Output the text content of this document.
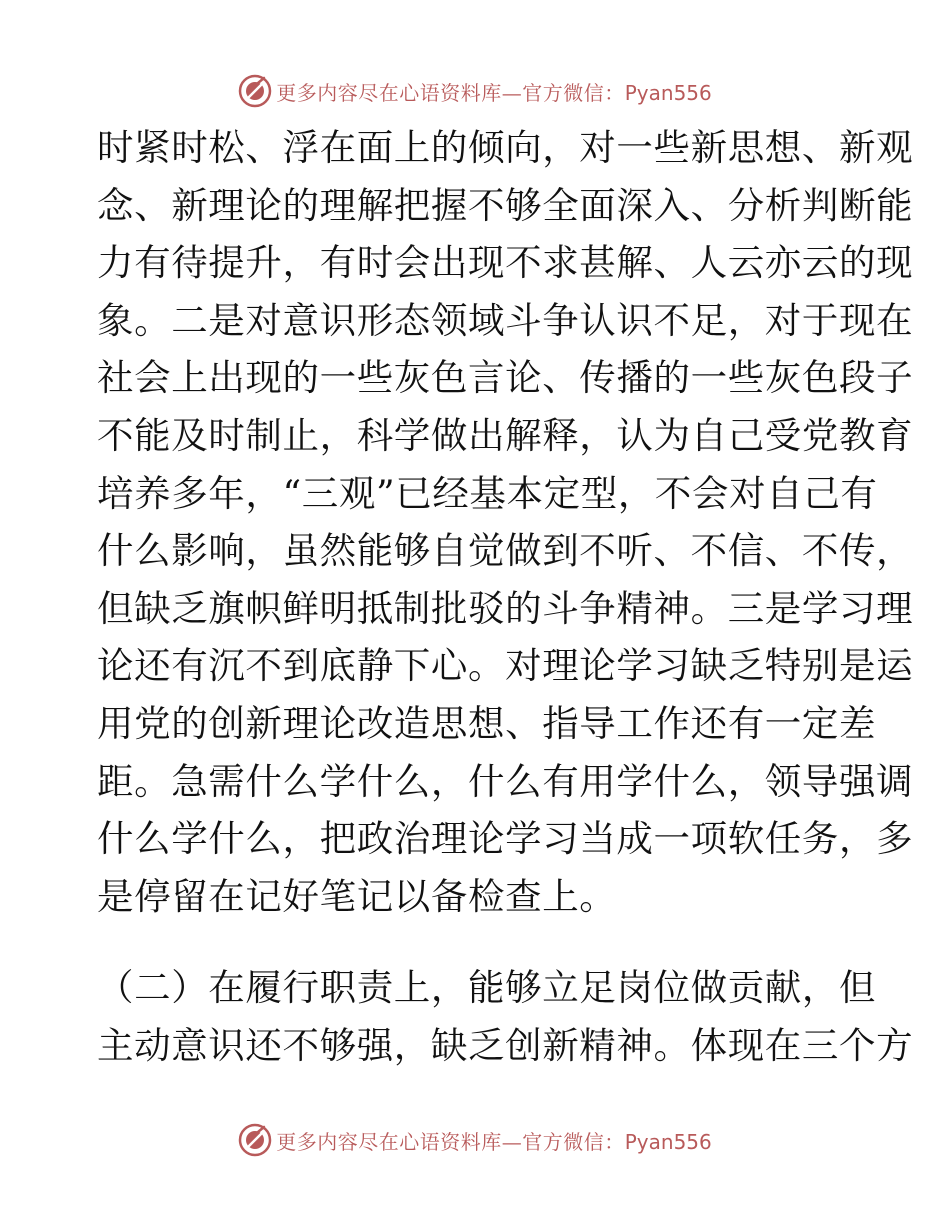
更多内容尽在心语资料库—官方微信：Pyan556
时紧时松、浮在面上的倾向，对一些新思想、新观
念、新理论的理解把握不够全面深入、分析判断能
力有待提升，有时会出现不求甚解、人云亦云的现
象。二是对意识形态领域斗争认识不足，对于现在
社会上出现的一些灰色言论、传播的一些灰色段子
不能及时制止，科学做出解释，认为自己受党教育
培养多年，“三观”已经基本定型，不会对自己有
什么影响，虽然能够自觉做到不听、不信、不传，
但缺乏旗帜鲜明抵制批驳的斗争精神。三是学习理
论还有沉不到底静下心。对理论学习缺乏特别是运
用党的创新理论改造思想、指导工作还有一定差
距。急需什么学什么，什么有用学什么，领导强调
什么学什么，把政治理论学习当成一项软任务，多
是停留在记好笔记以备检查上。
（二）在履行职责上，能够立足岗位做贡献，但
主动意识还不够强，缺乏创新精神。体现在三个方
更多内容尽在心语资料库—官方微信：Pyan556
